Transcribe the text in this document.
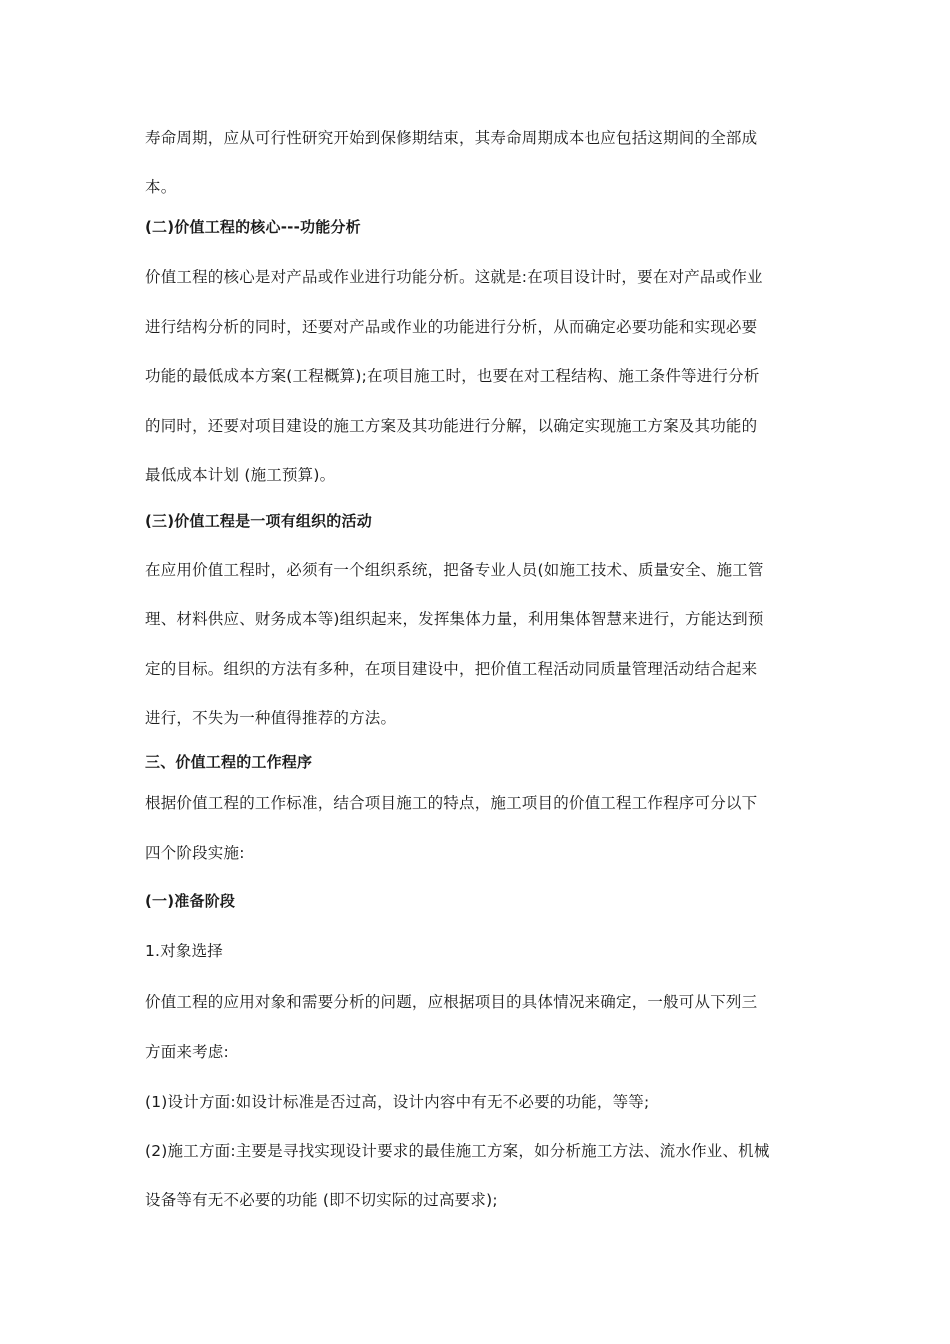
寿命周期，应从可行性研究开始到保修期结束，其寿命周期成本也应包括这期间的全部成
本。
(二)价值工程的核心---功能分析
价值工程的核心是对产品或作业进行功能分析。这就是:在项目设计时，要在对产品或作业
进行结构分析的同时，还要对产品或作业的功能进行分析，从而确定必要功能和实现必要
功能的最低成本方案(工程概算);在项目施工时，也要在对工程结构、施工条件等进行分析
的同时，还要对项目建设的施工方案及其功能进行分解，以确定实现施工方案及其功能的
最低成本计划 (施工预算)。
(三)价值工程是一项有组织的活动
在应用价值工程时，必须有一个组织系统，把备专业人员(如施工技术、质量安全、施工管
理、材料供应、财务成本等)组织起来，发挥集体力量，利用集体智慧来进行，方能达到预
定的目标。组织的方法有多种，在项目建设中，把价值工程活动同质量管理活动结合起来
进行，不失为一种值得推荐的方法。
三、价值工程的工作程序
根据价值工程的工作标准，结合项目施工的特点，施工项目的价值工程工作程序可分以下
四个阶段实施:
(一)准备阶段
1.对象选择
价值工程的应用对象和需要分析的问题，应根据项目的具体情况来确定，一般可从下列三
方面来考虑:
(1)设计方面:如设计标准是否过高，设计内容中有无不必要的功能，等等;
(2)施工方面:主要是寻找实现设计要求的最佳施工方案，如分析施工方法、流水作业、机械
设备等有无不必要的功能 (即不切实际的过高要求);
